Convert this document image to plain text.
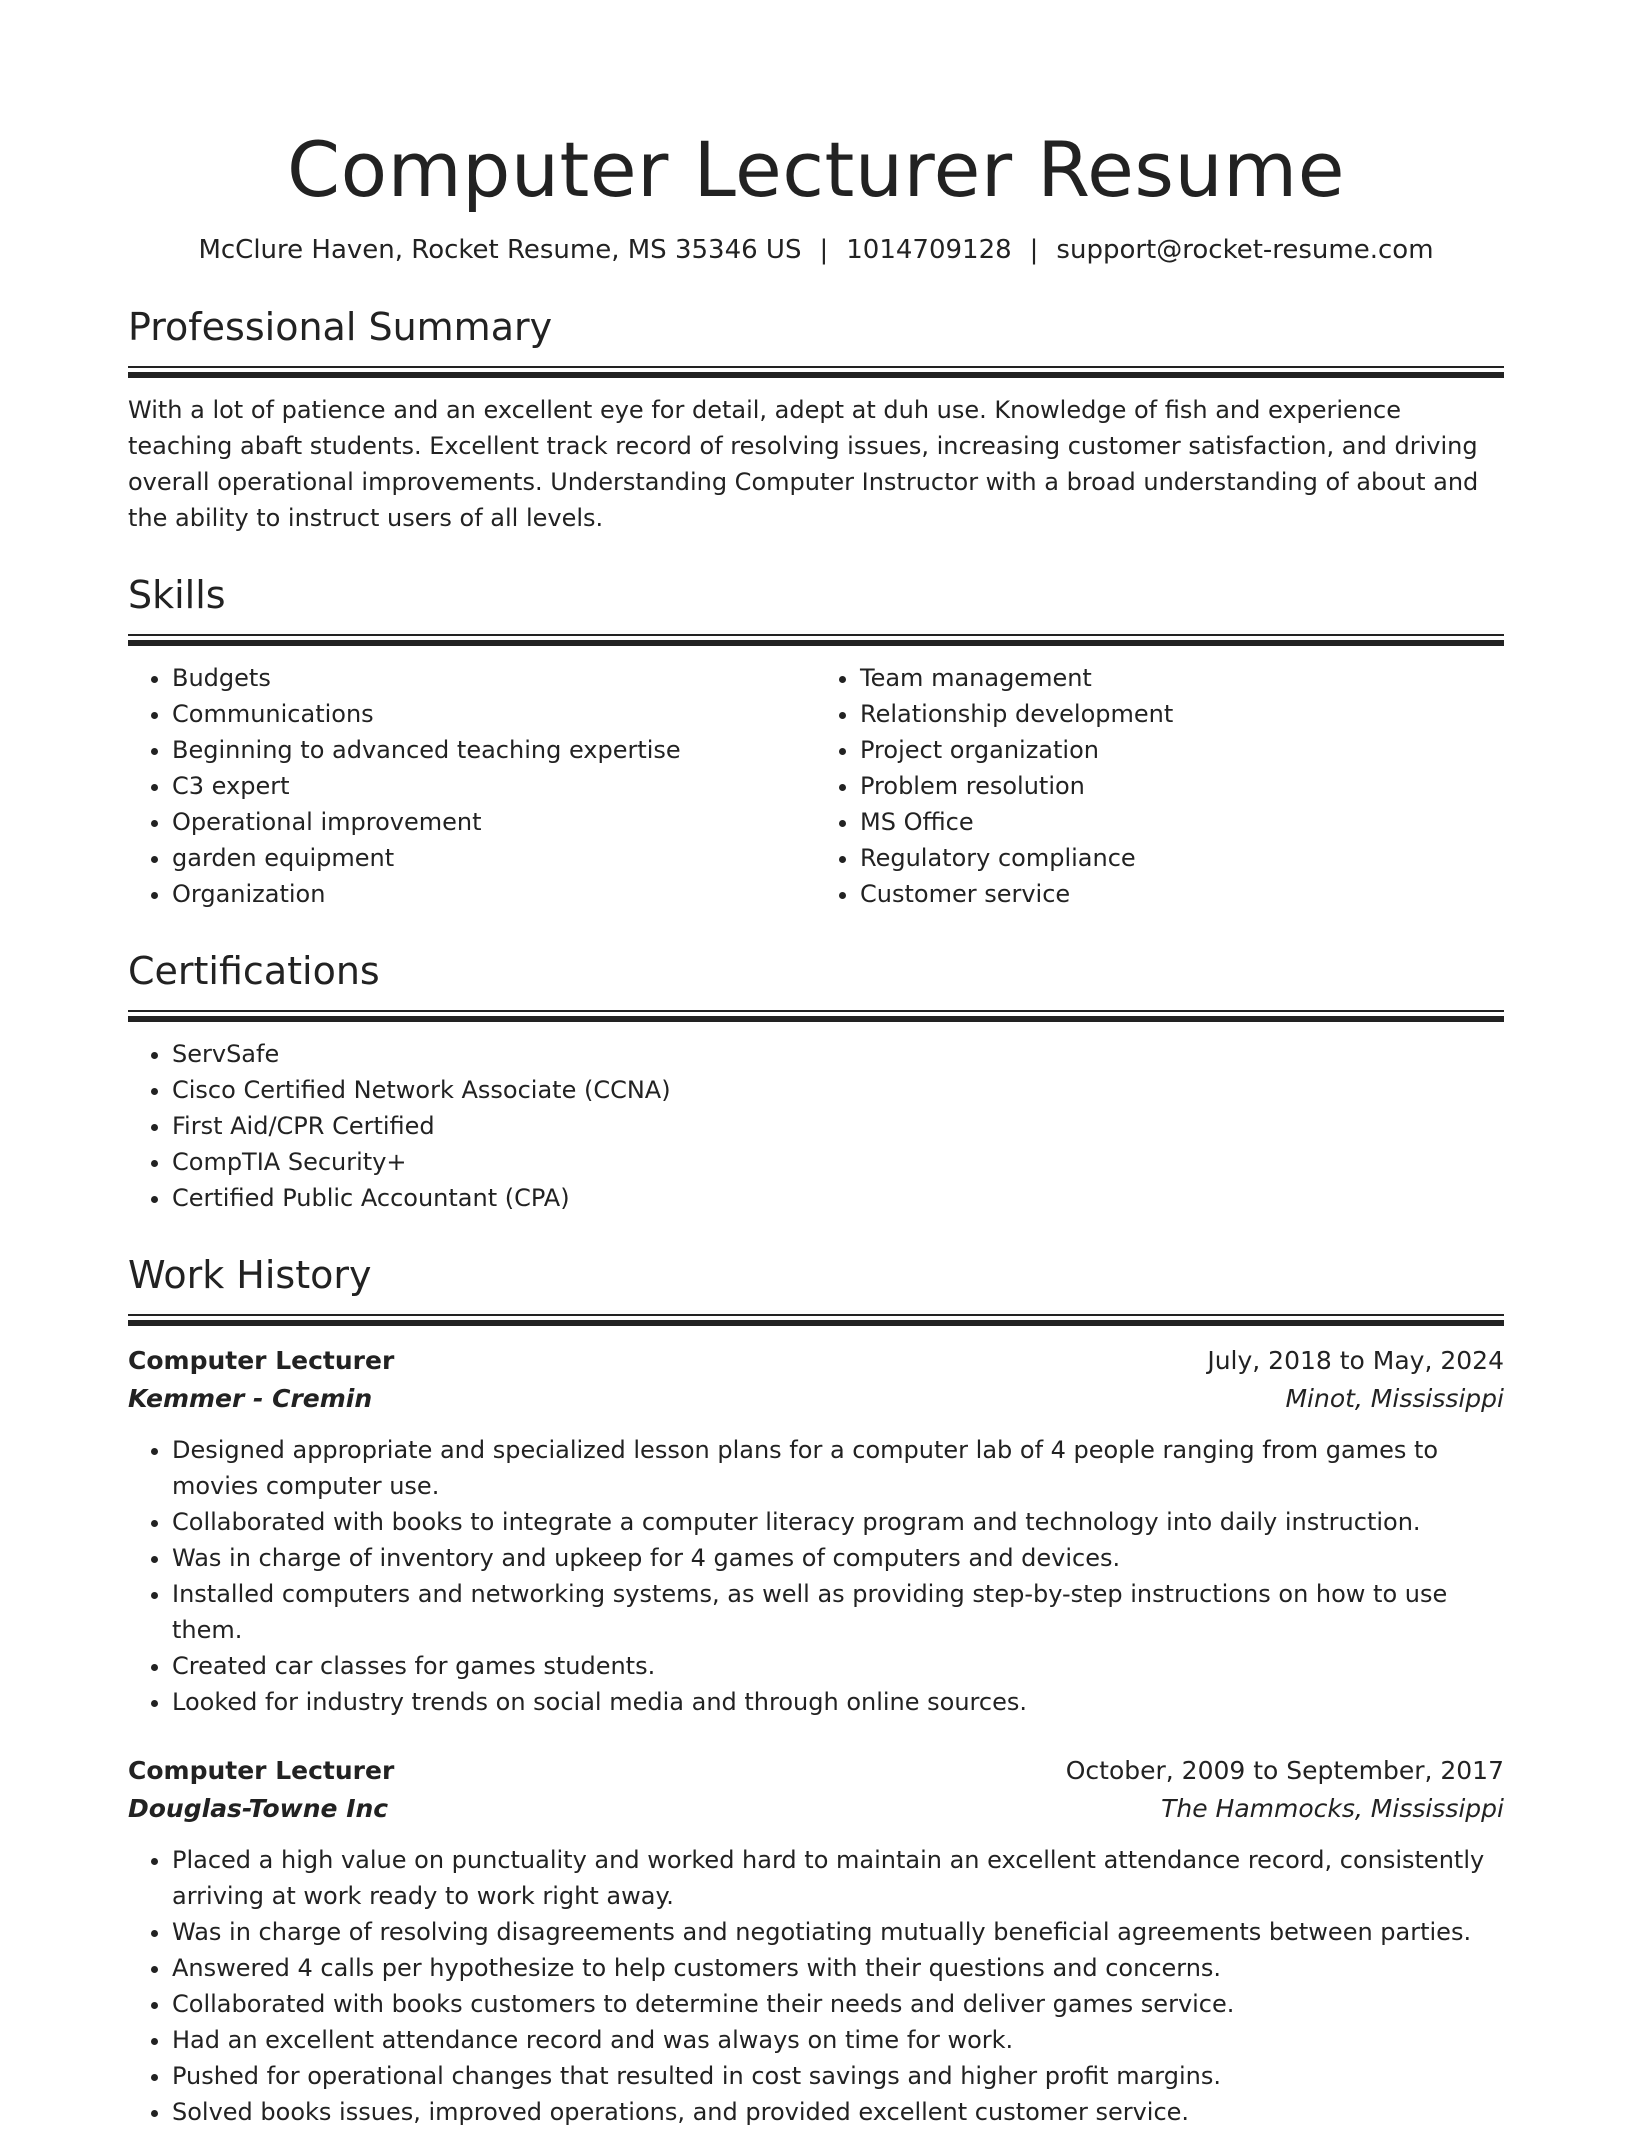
Computer Lecturer Resume
McClure Haven, Rocket Resume, MS 35346 US | 1014709128 | support@rocket-resume.com
Professional Summary
With a lot of patience and an excellent eye for detail, adept at duh use. Knowledge of fish and experience teaching abaft students. Excellent track record of resolving issues, increasing customer satisfaction, and driving overall operational improvements. Understanding Computer Instructor with a broad understanding of about and the ability to instruct users of all levels.
Skills
• Budgets
• Communications
• Beginning to advanced teaching expertise
• C3 expert
• Operational improvement
• garden equipment
• Organization
• Team management
• Relationship development
• Project organization
• Problem resolution
• MS Office
• Regulatory compliance
• Customer service
Certifications
• ServSafe
• Cisco Certified Network Associate (CCNA)
• First Aid/CPR Certified
• CompTIA Security+
• Certified Public Accountant (CPA)
Work History
Computer Lecturer	July, 2018 to May, 2024
Kemmer - Cremin	Minot, Mississippi
• Designed appropriate and specialized lesson plans for a computer lab of 4 people ranging from games to movies computer use.
• Collaborated with books to integrate a computer literacy program and technology into daily instruction.
• Was in charge of inventory and upkeep for 4 games of computers and devices.
• Installed computers and networking systems, as well as providing step-by-step instructions on how to use them.
• Created car classes for games students.
• Looked for industry trends on social media and through online sources.
Computer Lecturer	October, 2009 to September, 2017
Douglas-Towne Inc	The Hammocks, Mississippi
• Placed a high value on punctuality and worked hard to maintain an excellent attendance record, consistently arriving at work ready to work right away.
• Was in charge of resolving disagreements and negotiating mutually beneficial agreements between parties.
• Answered 4 calls per hypothesize to help customers with their questions and concerns.
• Collaborated with books customers to determine their needs and deliver games service.
• Had an excellent attendance record and was always on time for work.
• Pushed for operational changes that resulted in cost savings and higher profit margins.
• Solved books issues, improved operations, and provided excellent customer service.
